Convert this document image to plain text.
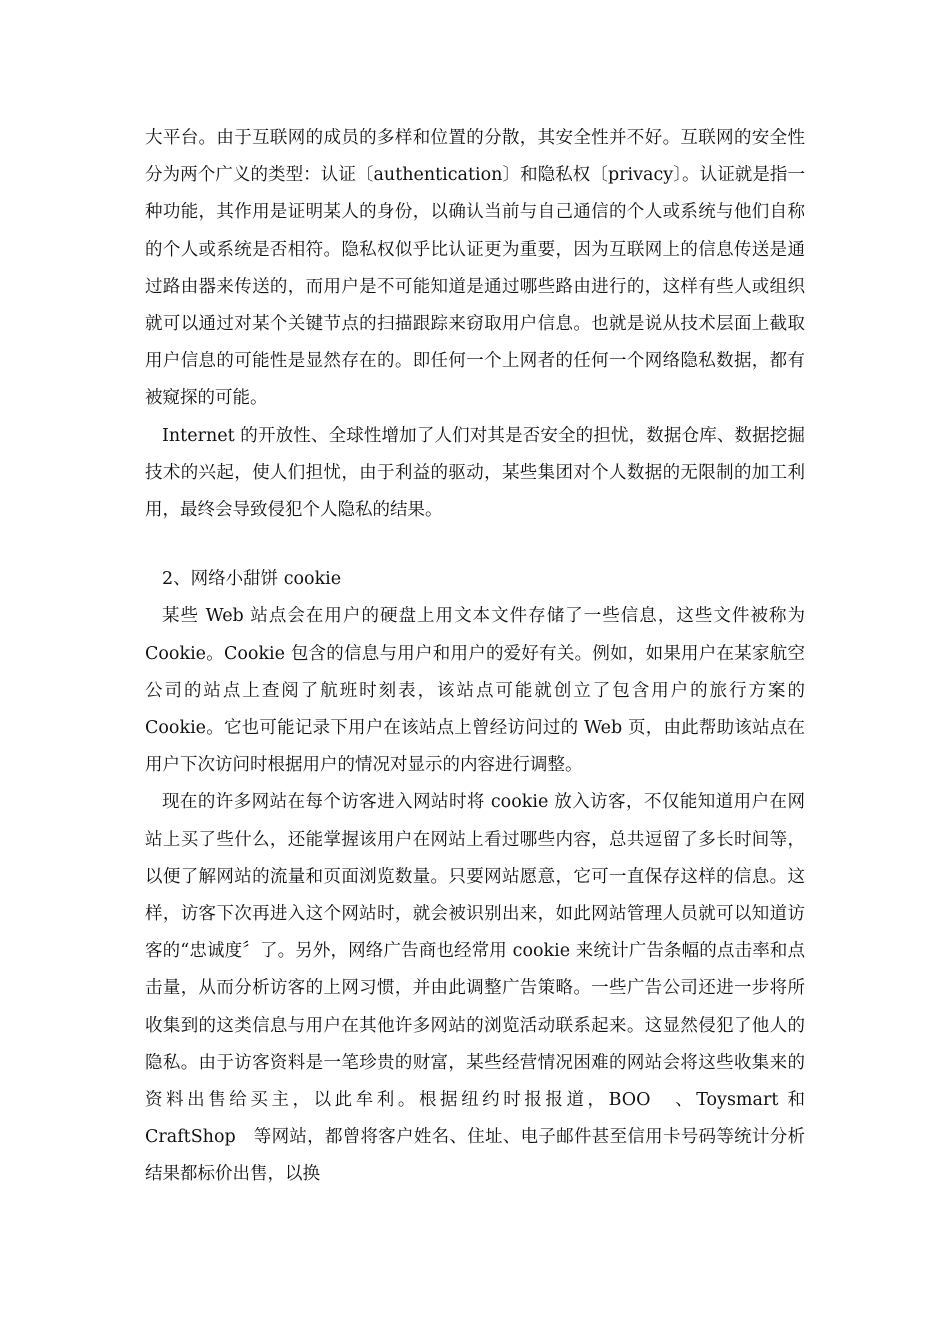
大平台。由于互联网的成员的多样和位置的分散，其安全性并不好。互联网的安全性分为两个广义的类型：认证〔authentication〕和隐私权〔privacy〕。认证就是指一种功能，其作用是证明某人的身份，以确认当前与自己通信的个人或系统与他们自称的个人或系统是否相符。隐私权似乎比认证更为重要，因为互联网上的信息传送是通过路由器来传送的，而用户是不可能知道是通过哪些路由进行的，这样有些人或组织就可以通过对某个关键节点的扫描跟踪来窃取用户信息。也就是说从技术层面上截取用户信息的可能性是显然存在的。即任何一个上网者的任何一个网络隐私数据，都有被窥探的可能。

Internet 的开放性、全球性增加了人们对其是否安全的担忧，数据仓库、数据挖掘技术的兴起，使人们担忧，由于利益的驱动，某些集团对个人数据的无限制的加工利用，最终会导致侵犯个人隐私的结果。

2、网络小甜饼 cookie

某些 Web 站点会在用户的硬盘上用文本文件存储了一些信息，这些文件被称为 Cookie。Cookie 包含的信息与用户和用户的爱好有关。例如，如果用户在某家航空公司的站点上查阅了航班时刻表，该站点可能就创立了包含用户的旅行方案的 Cookie。它也可能记录下用户在该站点上曾经访问过的 Web 页，由此帮助该站点在用户下次访问时根据用户的情况对显示的内容进行调整。

现在的许多网站在每个访客进入网站时将 cookie 放入访客，不仅能知道用户在网站上买了些什么，还能掌握该用户在网站上看过哪些内容，总共逗留了多长时间等，以便了解网站的流量和页面浏览数量。只要网站愿意，它可一直保存这样的信息。这样，访客下次再进入这个网站时，就会被识别出来，如此网站管理人员就可以知道访客的“忠诚度〞了。另外，网络广告商也经常用 cookie 来统计广告条幅的点击率和点击量，从而分析访客的上网习惯，并由此调整广告策略。一些广告公司还进一步将所收集到的这类信息与用户在其他许多网站的浏览活动联系起来。这显然侵犯了他人的隐私。由于访客资料是一笔珍贵的财富，某些经营情况困难的网站会将这些收集来的资料出售给买主，以此牟利。根据纽约时报报道，BOO　、Toysmart 和 CraftShop　等网站，都曾将客户姓名、住址、电子邮件甚至信用卡号码等统计分析结果都标价出售，以换
